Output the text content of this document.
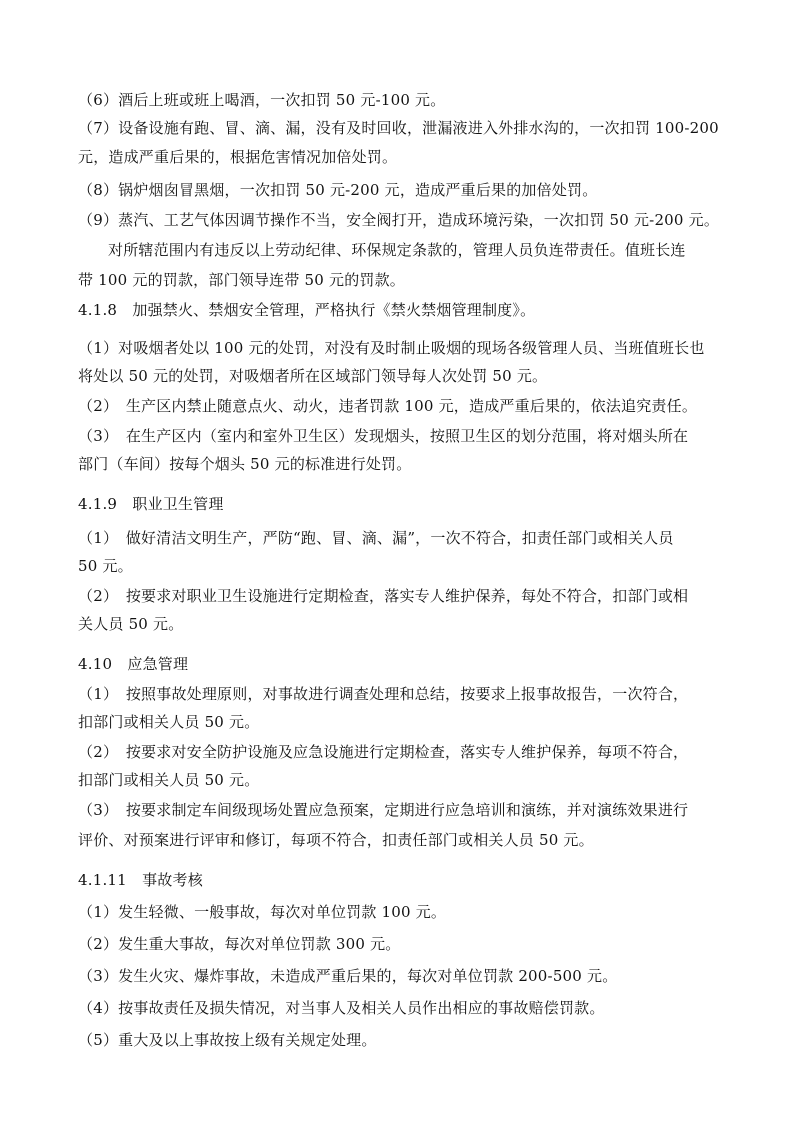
（6）酒后上班或班上喝酒，一次扣罚 50 元-100 元。

（7）设备设施有跑、冒、滴、漏，没有及时回收，泄漏液进入外排水沟的，一次扣罚 100-200

元，造成严重后果的，根据危害情况加倍处罚。

（8）锅炉烟囱冒黑烟，一次扣罚 50 元-200 元，造成严重后果的加倍处罚。

（9）蒸汽、工艺气体因调节操作不当，安全阀打开，造成环境污染，一次扣罚 50 元-200 元。

对所辖范围内有违反以上劳动纪律、环保规定条款的，管理人员负连带责任。值班长连

带 100 元的罚款，部门领导连带 50 元的罚款。

4.1.8　加强禁火、禁烟安全管理，严格执行《禁火禁烟管理制度》。

（1）对吸烟者处以 100 元的处罚，对没有及时制止吸烟的现场各级管理人员、当班值班长也

将处以 50 元的处罚，对吸烟者所在区域部门领导每人次处罚 50 元。

（2）　生产区内禁止随意点火、动火，违者罚款 100 元，造成严重后果的，依法追究责任。

（3）　在生产区内（室内和室外卫生区）发现烟头，按照卫生区的划分范围，将对烟头所在

部门（车间）按每个烟头 50 元的标准进行处罚。

4.1.9　职业卫生管理

（1）　做好清洁文明生产，严防“跑、冒、滴、漏”，一次不符合，扣责任部门或相关人员

50 元。

（2）　按要求对职业卫生设施进行定期检查，落实专人维护保养，每处不符合，扣部门或相

关人员 50 元。

4.10　应急管理

（1）　按照事故处理原则，对事故进行调查处理和总结，按要求上报事故报告，一次符合，

扣部门或相关人员 50 元。

（2）　按要求对安全防护设施及应急设施进行定期检查，落实专人维护保养，每项不符合，

扣部门或相关人员 50 元。

（3）　按要求制定车间级现场处置应急预案，定期进行应急培训和演练，并对演练效果进行

评价、对预案进行评审和修订，每项不符合，扣责任部门或相关人员 50 元。

4.1.11　事故考核

（1）发生轻微、一般事故，每次对单位罚款 100 元。

（2）发生重大事故，每次对单位罚款 300 元。

（3）发生火灾、爆炸事故，未造成严重后果的，每次对单位罚款 200-500 元。

（4）按事故责任及损失情况，对当事人及相关人员作出相应的事故赔偿罚款。

（5）重大及以上事故按上级有关规定处理。
